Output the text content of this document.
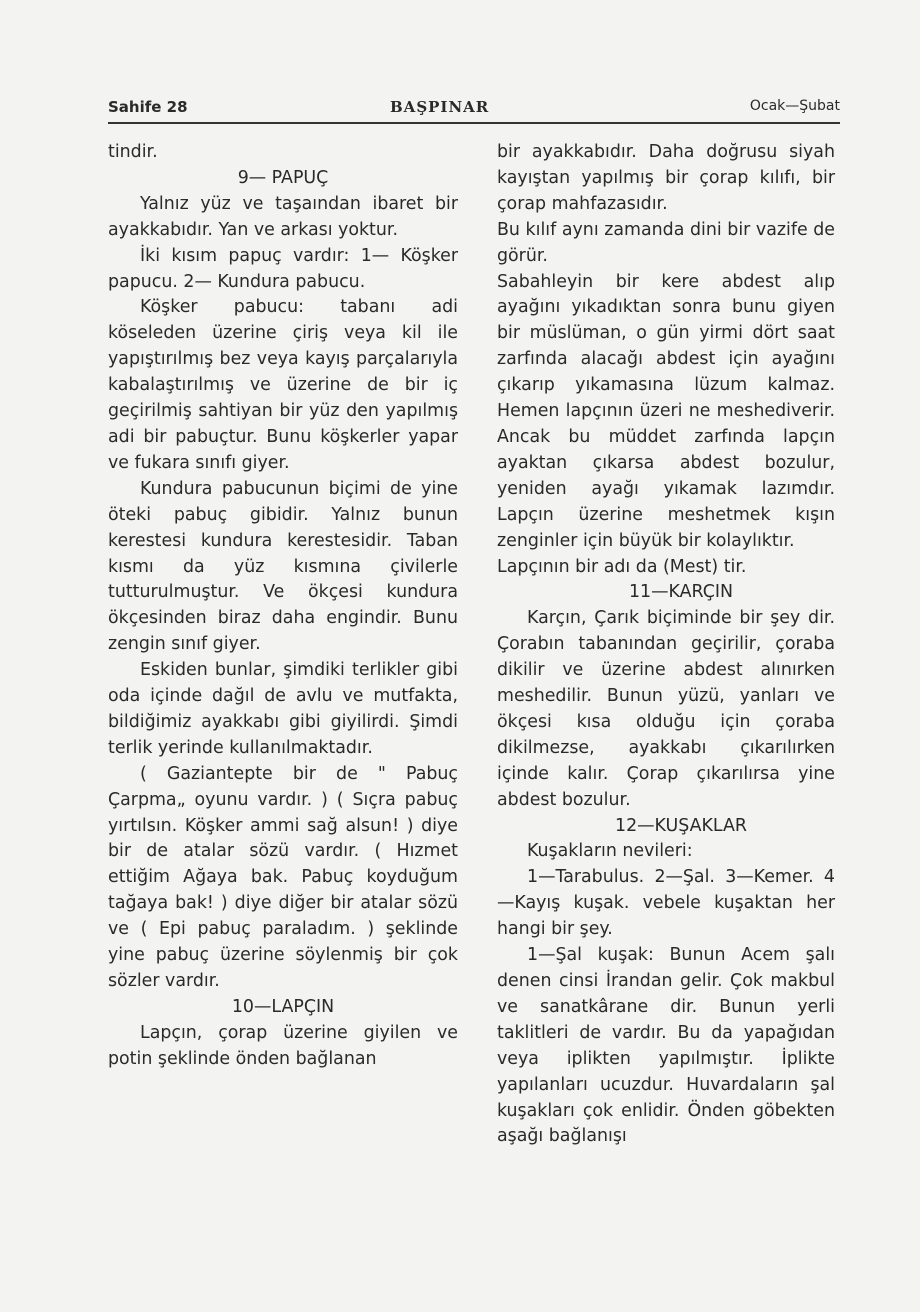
Sahife 28	BAŞPINAR	Ocak—Şubat

tindir.

9— PAPUÇ

Yalnız yüz ve taşaından ibaret bir ayakkabıdır. Yan ve arkası yoktur.

İki kısım papuç vardır: 1— Köşker papucu. 2— Kundura pabucu.

Köşker pabucu: tabanı adi köseleden üzerine çiriş veya kil ile yapıştırılmış bez veya kayış parçalarıyla kabalaştırılmış ve üzerine de bir iç geçirilmiş sahtiyan bir yüz den yapılmış adi bir pabuçtur. Bunu köşkerler yapar ve fukara sınıfı giyer.

Kundura pabucunun biçimi de yine öteki pabuç gibidir. Yalnız bunun kerestesi kundura kerestesidir. Taban kısmı da yüz kısmına çivilerle tutturulmuştur. Ve ökçesi kundura ökçesinden biraz daha engindir. Bunu zengin sınıf giyer.

Eskiden bunlar, şimdiki terlikler gibi oda içinde dağıl de avlu ve mutfakta, bildiğimiz ayakkabı gibi giyilirdi. Şimdi terlik yerinde kullanılmaktadır.

( Gaziantepte bir de " Pabuç Çarpma„ oyunu vardır. ) ( Sıçra pabuç yırtılsın. Köşker ammi sağ alsun! ) diye bir de atalar sözü vardır. ( Hızmet ettiğim Ağaya bak. Pabuç koyduğum tağaya bak! ) diye diğer bir atalar sözü ve ( Epi pabuç paraladım. ) şeklinde yine pabuç üzerine söylenmiş bir çok sözler vardır.

10—LAPÇIN

Lapçın, çorap üzerine giyilen ve potin şeklinde önden bağlanan

bir ayakkabıdır. Daha doğrusu siyah kayıştan yapılmış bir çorap kılıfı, bir çorap mahfazasıdır.

Bu kılıf aynı zamanda dini bir vazife de görür.

Sabahleyin bir kere abdest alıp ayağını yıkadıktan sonra bunu giyen bir müslüman, o gün yirmi dört saat zarfında alacağı abdest için ayağını çıkarıp yıkamasına lüzum kalmaz. Hemen lapçının üzeri ne meshediverir. Ancak bu müddet zarfında lapçın ayaktan çıkarsa abdest bozulur, yeniden ayağı yıkamak lazımdır. Lapçın üzerine meshetmek kışın zenginler için büyük bir kolaylıktır.

Lapçının bir adı da (Mest) tir.

11—KARÇIN

Karçın, Çarık biçiminde bir şey dir. Çorabın tabanından geçirilir, çoraba dikilir ve üzerine abdest alınırken meshedilir. Bunun yüzü, yanları ve ökçesi kısa olduğu için çoraba dikilmezse, ayakkabı çıkarılırken içinde kalır. Çorap çıkarılırsa yine abdest bozulur.

12—KUŞAKLAR

Kuşakların nevileri:

1—Tarabulus. 2—Şal. 3—Kemer. 4—Kayış kuşak. vebele kuşaktan her hangi bir şey.

1—Şal kuşak: Bunun Acem şalı denen cinsi İrandan gelir. Çok makbul ve sanatkârane dir. Bunun yerli taklitleri de vardır. Bu da yapağıdan veya iplikten yapılmıştır. İplikte yapılanları ucuzdur. Huvardaların şal kuşakları çok enlidir. Önden göbekten aşağı bağlanışı
